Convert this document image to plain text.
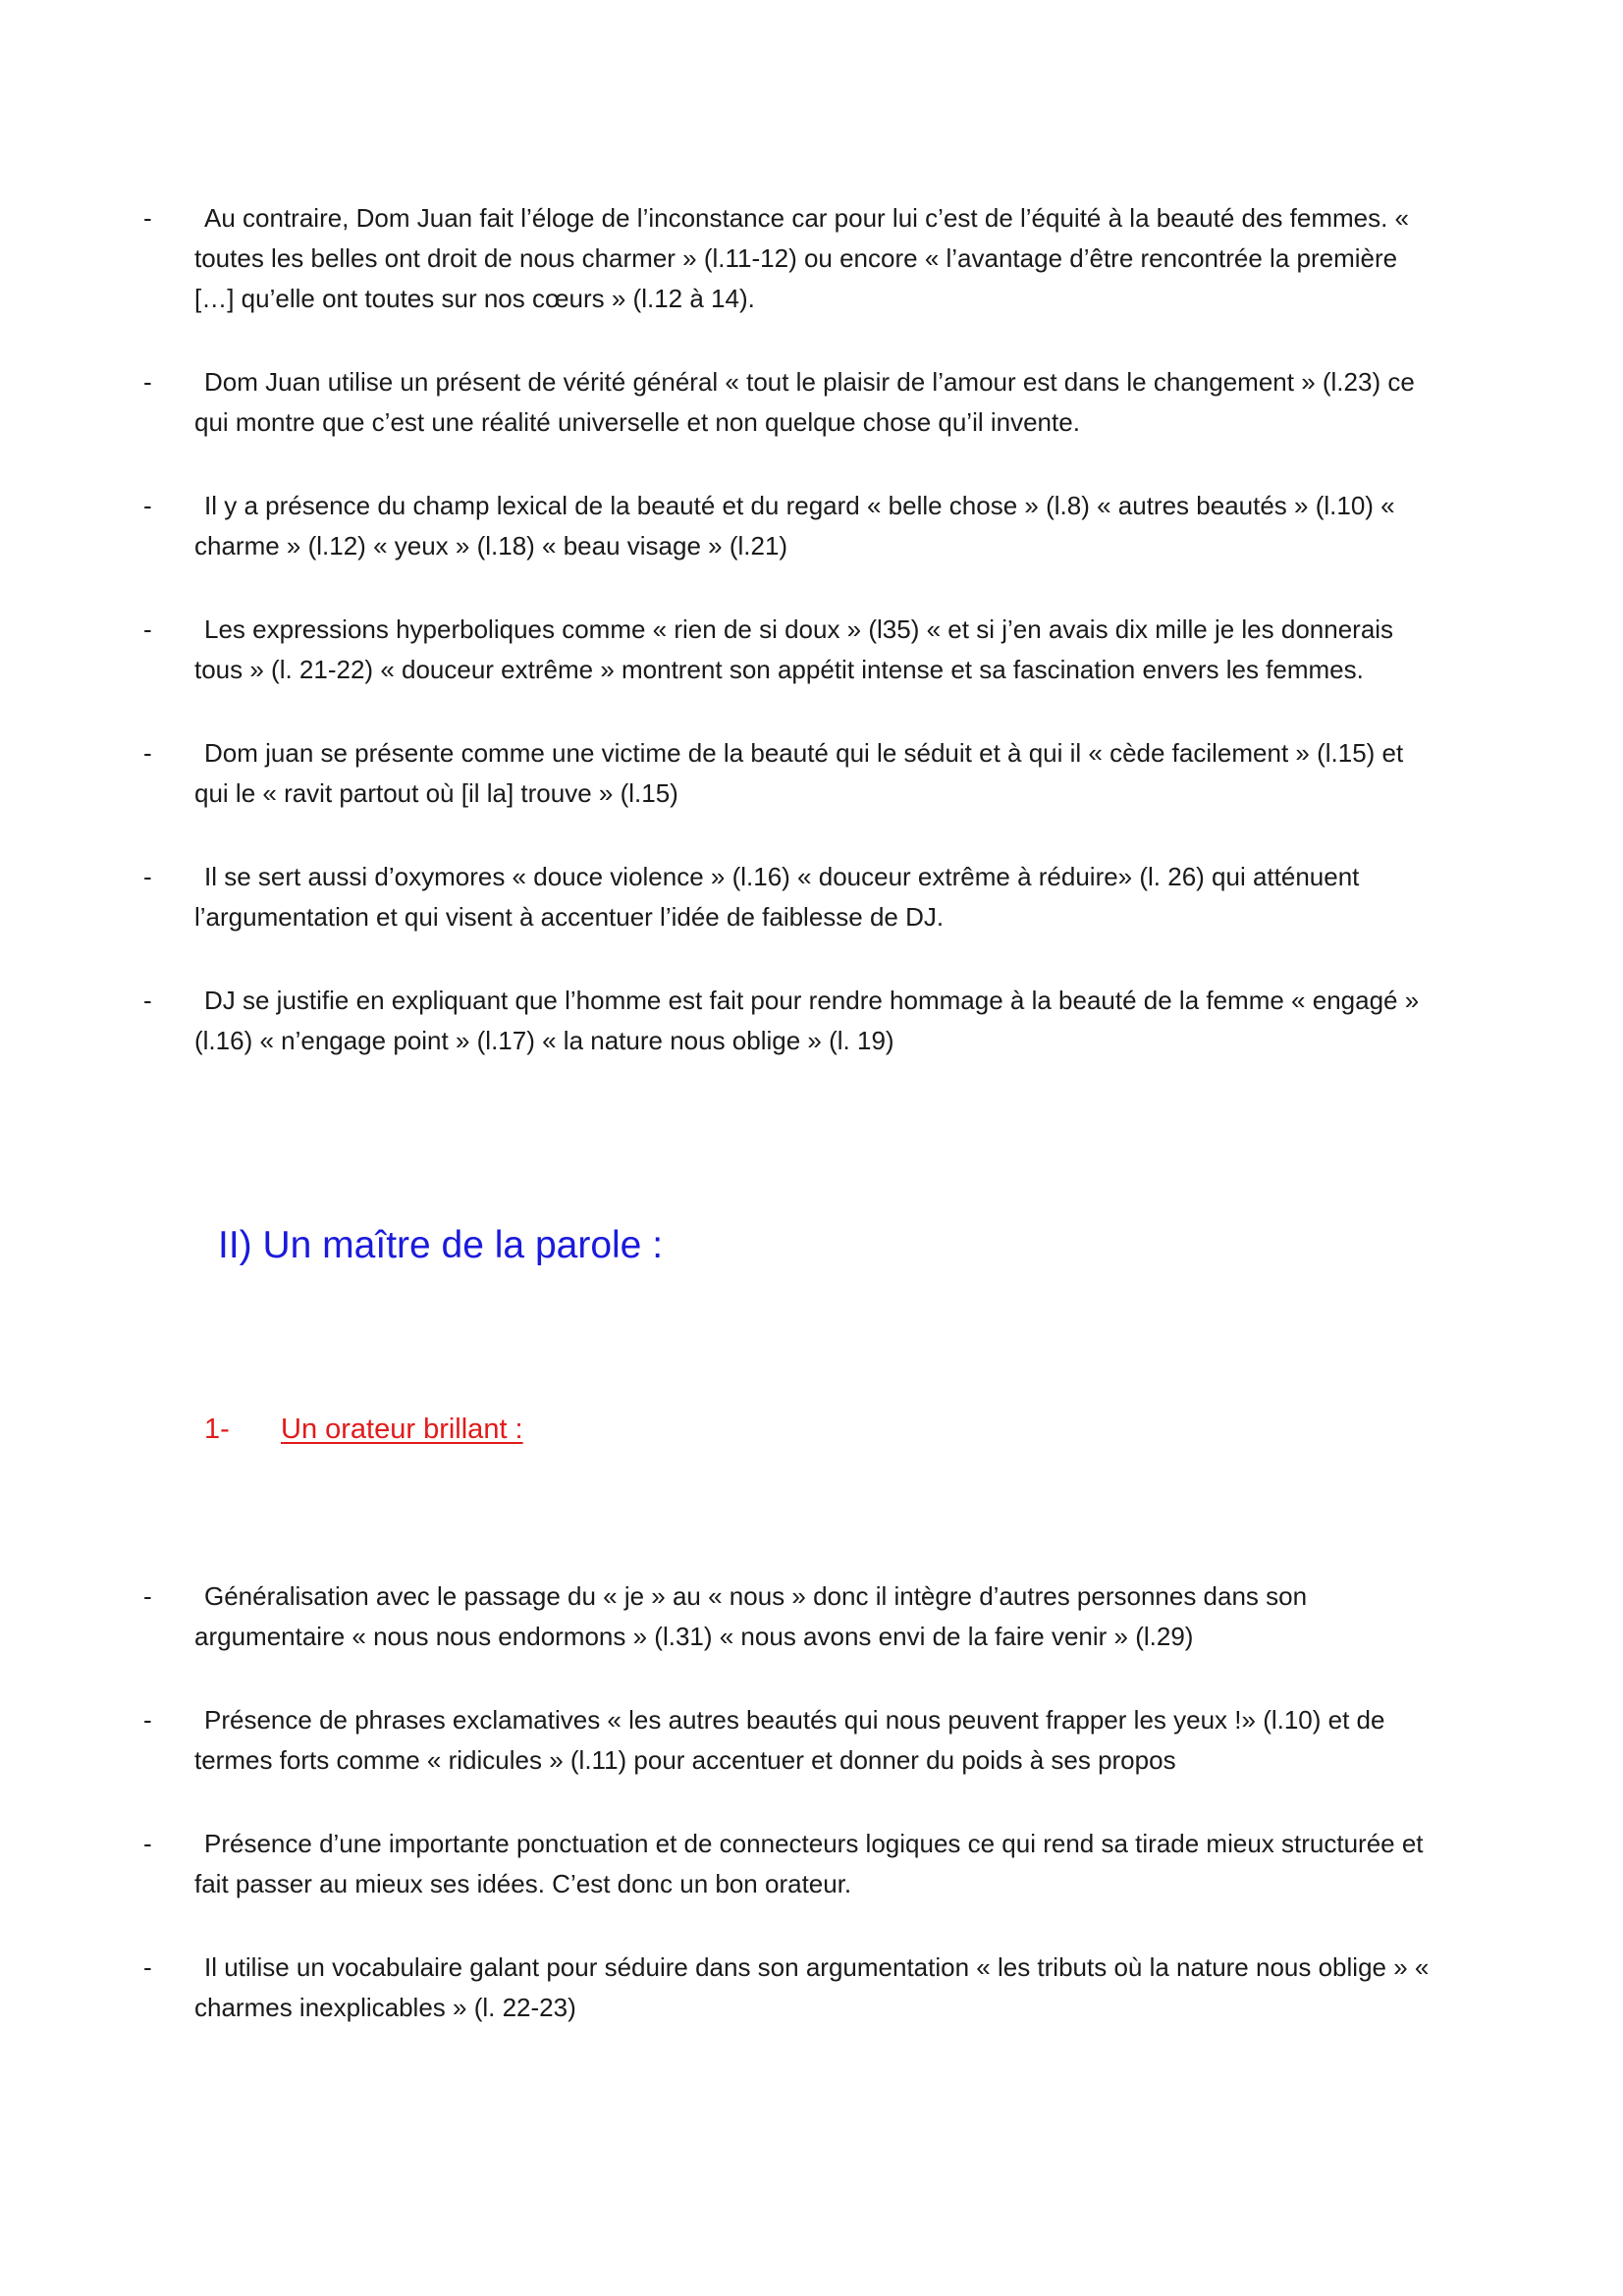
-	Au contraire, Dom Juan fait l’éloge de l’inconstance car pour lui c’est de l’équité à la beauté des femmes. « toutes les belles ont droit de nous charmer » (l.11-12) ou encore « l’avantage d’être rencontrée la première […] qu’elle ont toutes sur nos cœurs » (l.12 à 14).

-	Dom Juan utilise un présent de vérité général « tout le plaisir de l’amour est dans le changement » (l.23) ce qui montre que c’est une réalité universelle et non quelque chose qu’il invente.

-	Il y a présence du champ lexical de la beauté et du regard « belle chose » (l.8) « autres beautés » (l.10) « charme » (l.12) « yeux » (l.18) « beau visage » (l.21)

-	Les expressions hyperboliques comme « rien de si doux » (l35) « et si j’en avais dix mille je les donnerais tous » (l. 21-22) « douceur extrême » montrent son appétit intense et sa fascination envers les femmes.

-	Dom juan se présente comme une victime de la beauté qui le séduit et à qui il « cède facilement » (l.15) et qui le « ravit partout où [il la] trouve » (l.15)

-	Il se sert aussi d’oxymores « douce violence » (l.16) « douceur extrême à réduire» (l. 26) qui atténuent l’argumentation et qui visent à accentuer l’idée de faiblesse de DJ.

-	DJ se justifie en expliquant que l’homme est fait pour rendre hommage à la beauté de la femme « engagé » (l.16) « n’engage point » (l.17) « la nature nous oblige » (l. 19)

II) Un maître de la parole :
1- Un orateur brillant :
-	Généralisation avec le passage du « je » au « nous » donc il intègre d’autres personnes dans son argumentaire « nous nous endormons » (l.31) « nous avons envi de la faire venir » (l.29)

-	Présence de phrases exclamatives « les autres beautés qui nous peuvent frapper les yeux !» (l.10) et de termes forts comme « ridicules » (l.11) pour accentuer et donner du poids à ses propos

-	Présence d’une importante ponctuation et de connecteurs logiques ce qui rend sa tirade mieux structurée et fait passer au mieux ses idées. C’est donc un bon orateur.

-	Il utilise un vocabulaire galant pour séduire dans son argumentation « les tributs où la nature nous oblige » « charmes inexplicables » (l. 22-23)
